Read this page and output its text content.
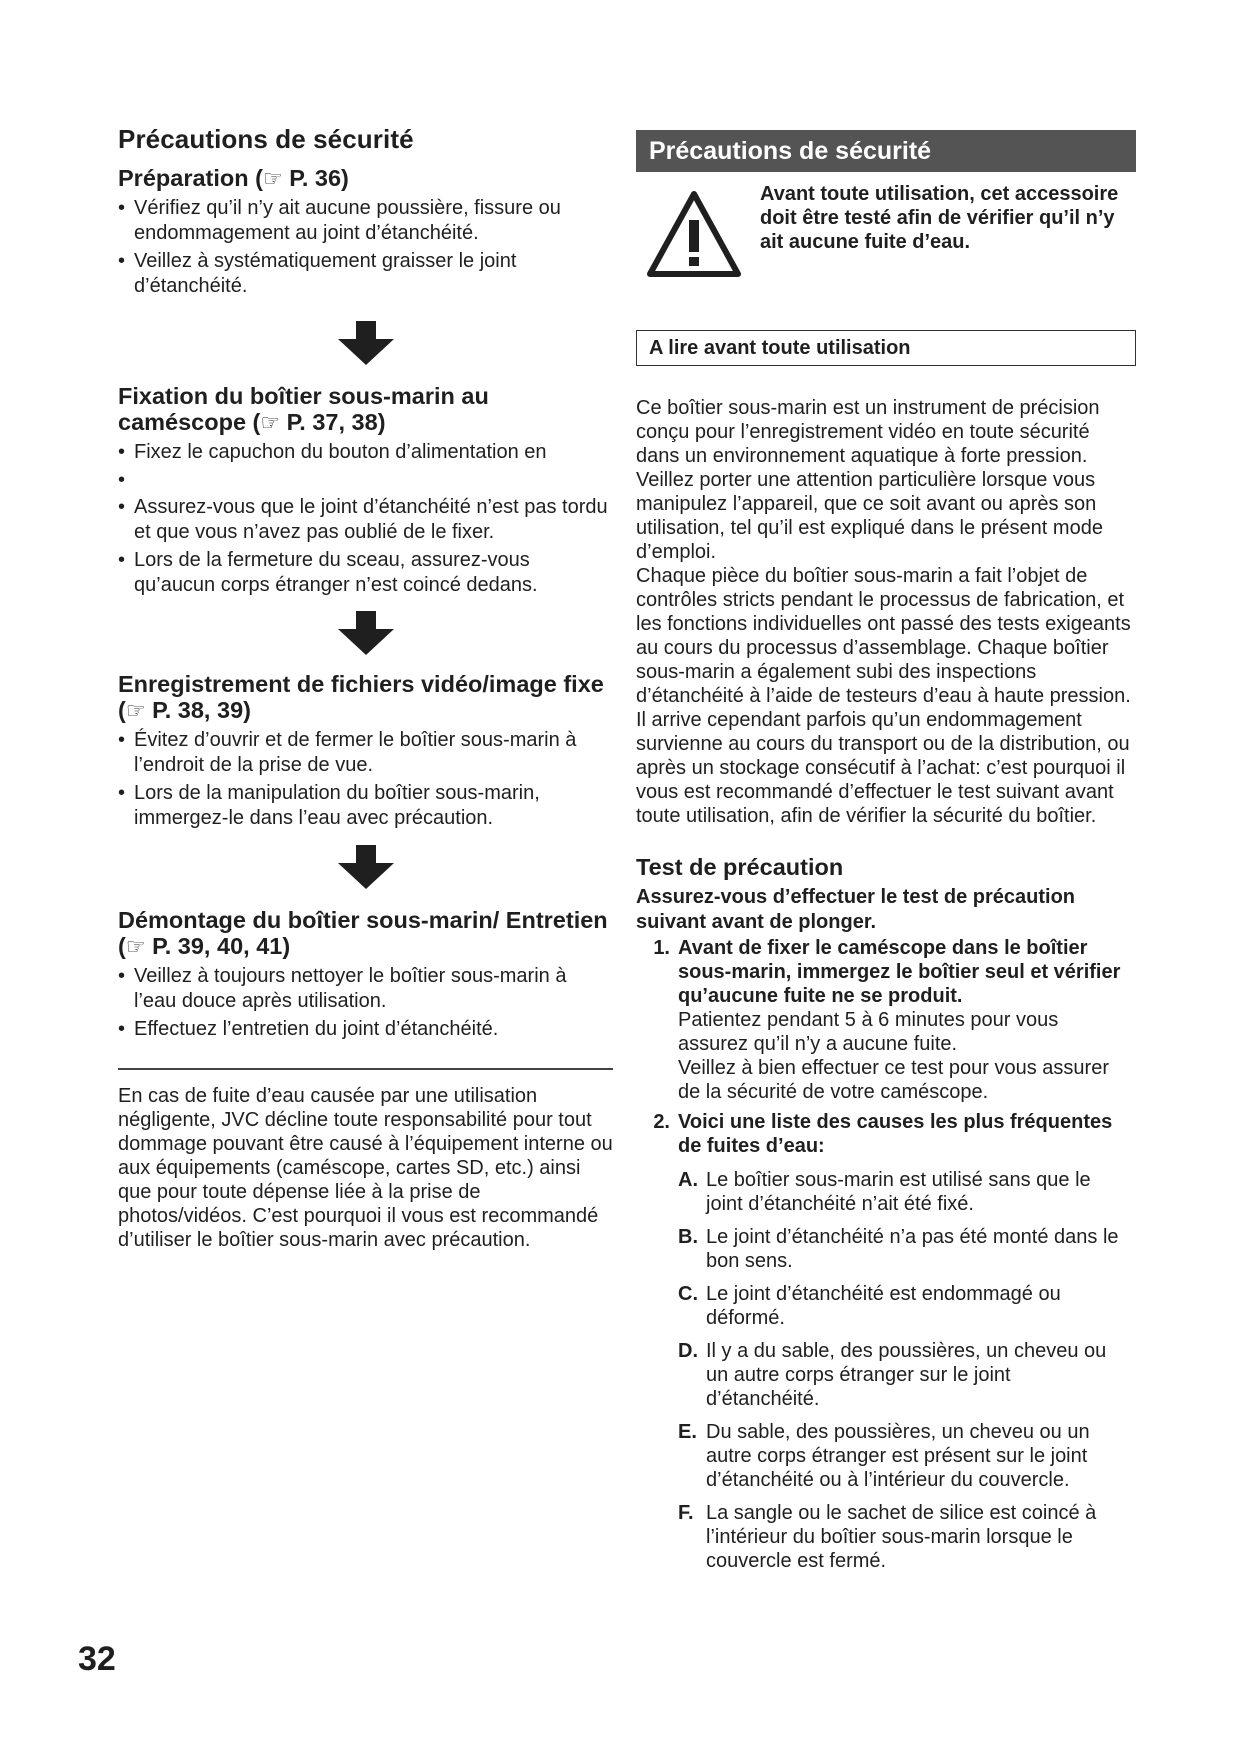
Précautions de sécurité
Préparation (☞ P. 36)
• Vérifiez qu’il n’y ait aucune poussière, fissure ou endommagement au joint d’étanchéité.
• Veillez à systématiquement graisser le joint d’étanchéité.
Fixation du boîtier sous-marin au caméscope (☞ P. 37, 38)
• Fixez le capuchon du bouton d’alimentation en
•
• Assurez-vous que le joint d’étanchéité n’est pas tordu et que vous n’avez pas oublié de le fixer.
• Lors de la fermeture du sceau, assurez-vous qu’aucun corps étranger n’est coincé dedans.
Enregistrement de fichiers vidéo/image fixe (☞ P. 38, 39)
• Évitez d’ouvrir et de fermer le boîtier sous-marin à l’endroit de la prise de vue.
• Lors de la manipulation du boîtier sous-marin, immergez-le dans l’eau avec précaution.
Démontage du boîtier sous-marin/ Entretien (☞ P. 39, 40, 41)
• Veillez à toujours nettoyer le boîtier sous-marin à l’eau douce après utilisation.
• Effectuez l’entretien du joint d’étanchéité.

En cas de fuite d’eau causée par une utilisation négligente, JVC décline toute responsabilité pour tout dommage pouvant être causé à l’équipement interne ou aux équipements (caméscope, cartes SD, etc.) ainsi que pour toute dépense liée à la prise de photos/vidéos. C’est pourquoi il vous est recommandé d’utiliser le boîtier sous-marin avec précaution.

Précautions de sécurité
Avant toute utilisation, cet accessoire doit être testé afin de vérifier qu’il n’y ait aucune fuite d’eau.
A lire avant toute utilisation

Ce boîtier sous-marin est un instrument de précision conçu pour l’enregistrement vidéo en toute sécurité dans un environnement aquatique à forte pression. Veillez porter une attention particulière lorsque vous manipulez l’appareil, que ce soit avant ou après son utilisation, tel qu’il est expliqué dans le présent mode d’emploi.
Chaque pièce du boîtier sous-marin a fait l’objet de contrôles stricts pendant le processus de fabrication, et les fonctions individuelles ont passé des tests exigeants au cours du processus d’assemblage. Chaque boîtier sous-marin a également subi des inspections d’étanchéité à l’aide de testeurs d’eau à haute pression. Il arrive cependant parfois qu’un endommagement survienne au cours du transport ou de la distribution, ou après un stockage consécutif à l’achat: c’est pourquoi il vous est recommandé d’effectuer le test suivant avant toute utilisation, afin de vérifier la sécurité du boîtier.

Test de précaution

Assurez-vous d’effectuer le test de précaution suivant avant de plonger.

1. Avant de fixer le caméscope dans le boîtier sous-marin, immergez le boîtier seul et vérifier qu’aucune fuite ne se produit.
Patientez pendant 5 à 6 minutes pour vous assurez qu’il n’y a aucune fuite.
Veillez à bien effectuer ce test pour vous assurer de la sécurité de votre caméscope.
2. Voici une liste des causes les plus fréquentes de fuites d’eau:
A. Le boîtier sous-marin est utilisé sans que le joint d’étanchéité n’ait été fixé.
B. Le joint d’étanchéité n’a pas été monté dans le bon sens.
C. Le joint d’étanchéité est endommagé ou déformé.
D. Il y a du sable, des poussières, un cheveu ou un autre corps étranger sur le joint d’étanchéité.
E. Du sable, des poussières, un cheveu ou un autre corps étranger est présent sur le joint d’étanchéité ou à l’intérieur du couvercle.
F. La sangle ou le sachet de silice est coincé à l’intérieur du boîtier sous-marin lorsque le couvercle est fermé.
32
